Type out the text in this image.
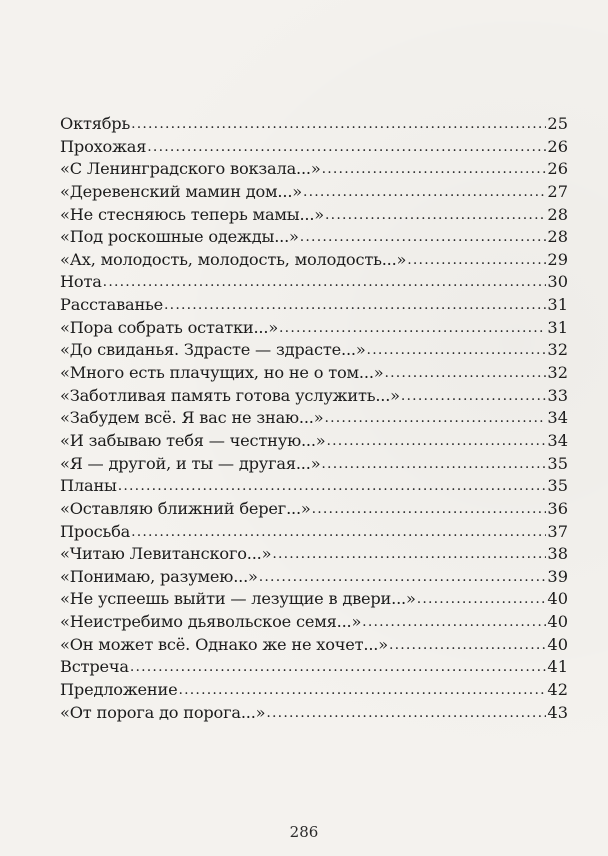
Октябрь .....	25
Прохожая .....	26
«С Ленинградского вокзала...» .....	26
«Деревенский мамин дом...» .....	27
«Не стесняюсь теперь мамы...» .....	28
«Под роскошные одежды...» .....	28
«Ах, молодость, молодость, молодость...» .....	29
Нота .....	30
Расставанье .....	31
«Пора собрать остатки...» .....	31
«До свиданья. Здрасте — здрасте...» .....	32
«Много есть плачущих, но не о том...» .....	32
«Заботливая память готова услужить...» .....	33
«Забудем всё. Я вас не знаю...» .....	34
«И забываю тебя — честную...» .....	34
«Я — другой, и ты — другая...» .....	35
Планы .....	35
«Оставляю ближний берег...» .....	36
Просьба .....	37
«Читаю Левитанского...» .....	38
«Понимаю, разумею...» .....	39
«Не успеешь выйти — лезущие в двери...» .....	40
«Неистребимо дьявольское семя...» .....	40
«Он может всё. Однако же не хочет...» .....	40
Встреча .....	41
Предложение .....	42
«От порога до порога...» .....	43
286
